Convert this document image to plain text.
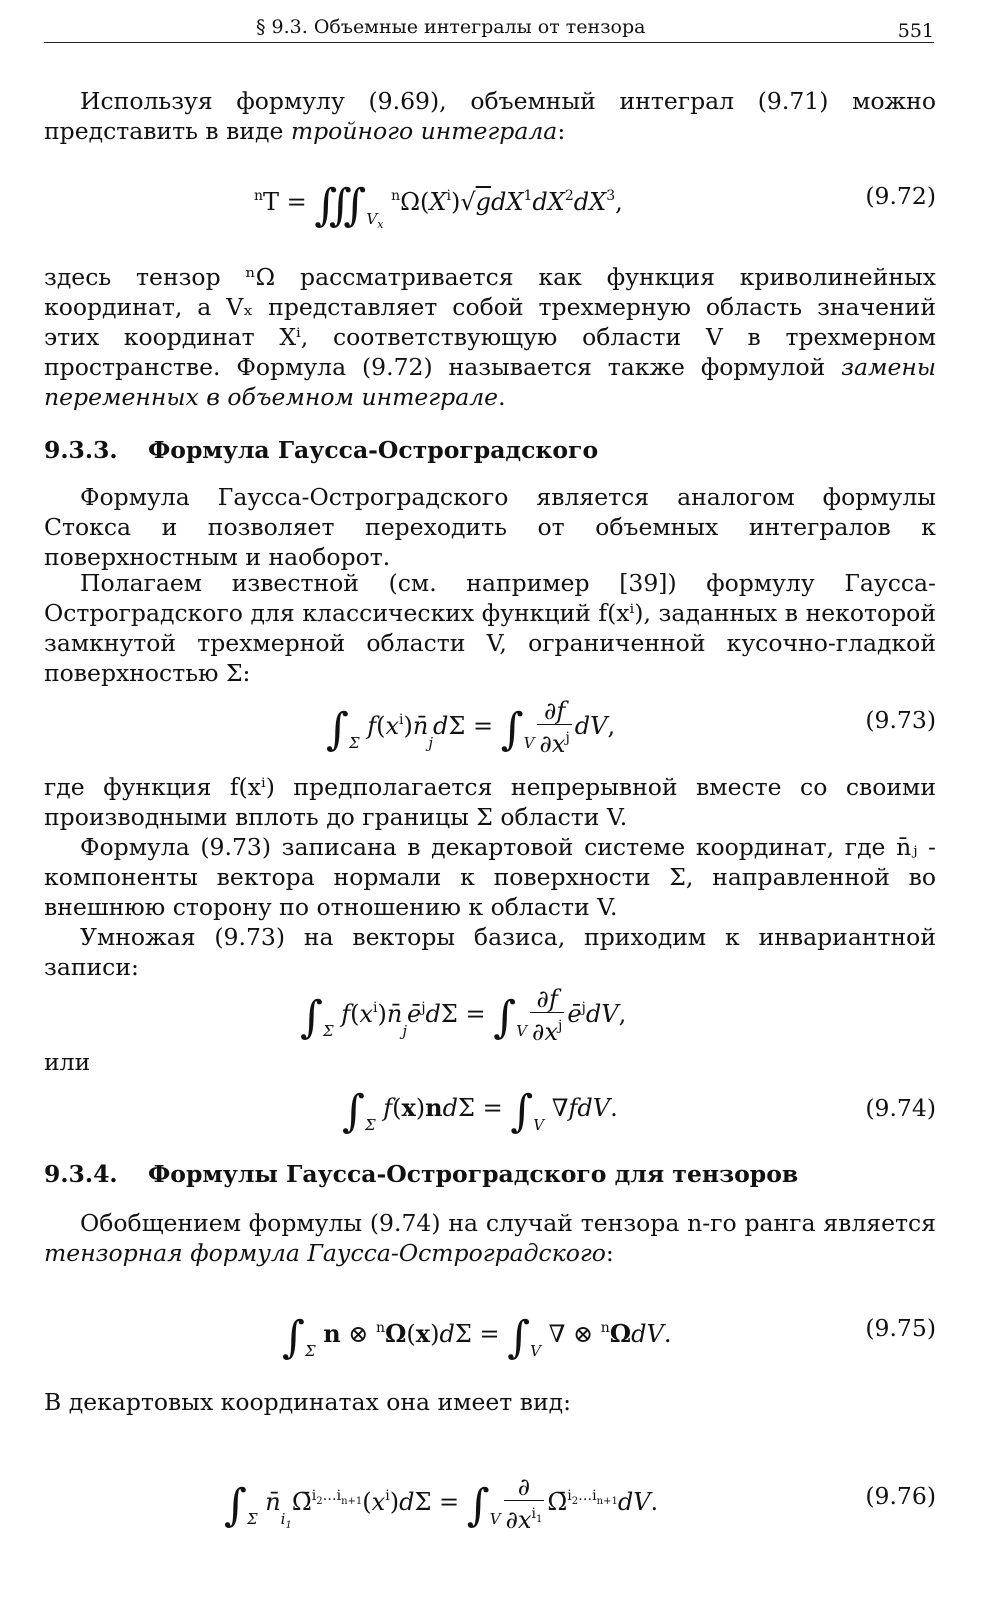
§ 9.3. Объемные интегралы от тензора	551
Используя формулу (9.69), объемный интеграл (9.71) можно представить в виде тройного интеграла:
$^nT = ∭_{V_x}$ $^n\Omega(X^i)√gdX^1dX^2dX^3$,	(9.72)
здесь тензор ⁿΩ рассматривается как функция криволинейных координат, а Vₓ представляет собой трехмерную область значений этих координат Xⁱ, соответствующую области V в трехмерном пространстве. Формула (9.72) называется также формулой замены переменных в объемном интеграле.
9.3.3. Формула Гаусса-Остроградского
Формула Гаусса-Остроградского является аналогом формулы Стокса и позволяет переходить от объемных интегралов к поверхностным и наоборот.
Полагаем известной (см. например [39]) формулу Гаусса-Остроградского для классических функций f(xⁱ), заданных в некоторой замкнутой трехмерной области V, ограниченной кусочно-гладкой поверхностью Σ:
$\int_\Sigma$ $f(x^i)n̄_jd\Sigma = \int_V \frac{\partial f}{\partial x^j}$ dV,	(9.73)
где функция f(xⁱ) предполагается непрерывной вместе со своими производными вплоть до границы Σ области V.
Формула (9.73) записана в декартовой системе координат, где n̄ⱼ - компоненты вектора нормали к поверхности Σ, направленной во внешнюю сторону по отношению к области V.
Умножая (9.73) на векторы базиса, приходим к инвариантной записи:
$\int_\Sigma$ $f(x^i)n̄_jē^jd\Sigma = \int_V \frac{\partial f}{\partial x^j}$ $ē^jdV$,
или
$\int_\Sigma$ $f(x)nd\Sigma = \int_V$ ∇fdV.	(9.74)
9.3.4. Формулы Гаусса-Остроградского для тензоров
Обобщением формулы (9.74) на случай тензора n-го ранга является тензорная формула Гаусса-Остроградского:
$\int_\Sigma$ n ⊗ $^n\Omega(x)d\Sigma = \int_V$ ∇ ⊗ $^n$ΩdV.	(9.75)
В декартовых координатах она имеет вид:
$\int_\Sigma$ $n̄_{i_1}\Omegā^{i_2\dots i_{n+1}}(x^i)d\Sigma = \int_V \frac{\partial}{\partial x^{i_1}}$ Ω̄$^{i_2\dots i_{n+1}}$dV.	(9.76)
